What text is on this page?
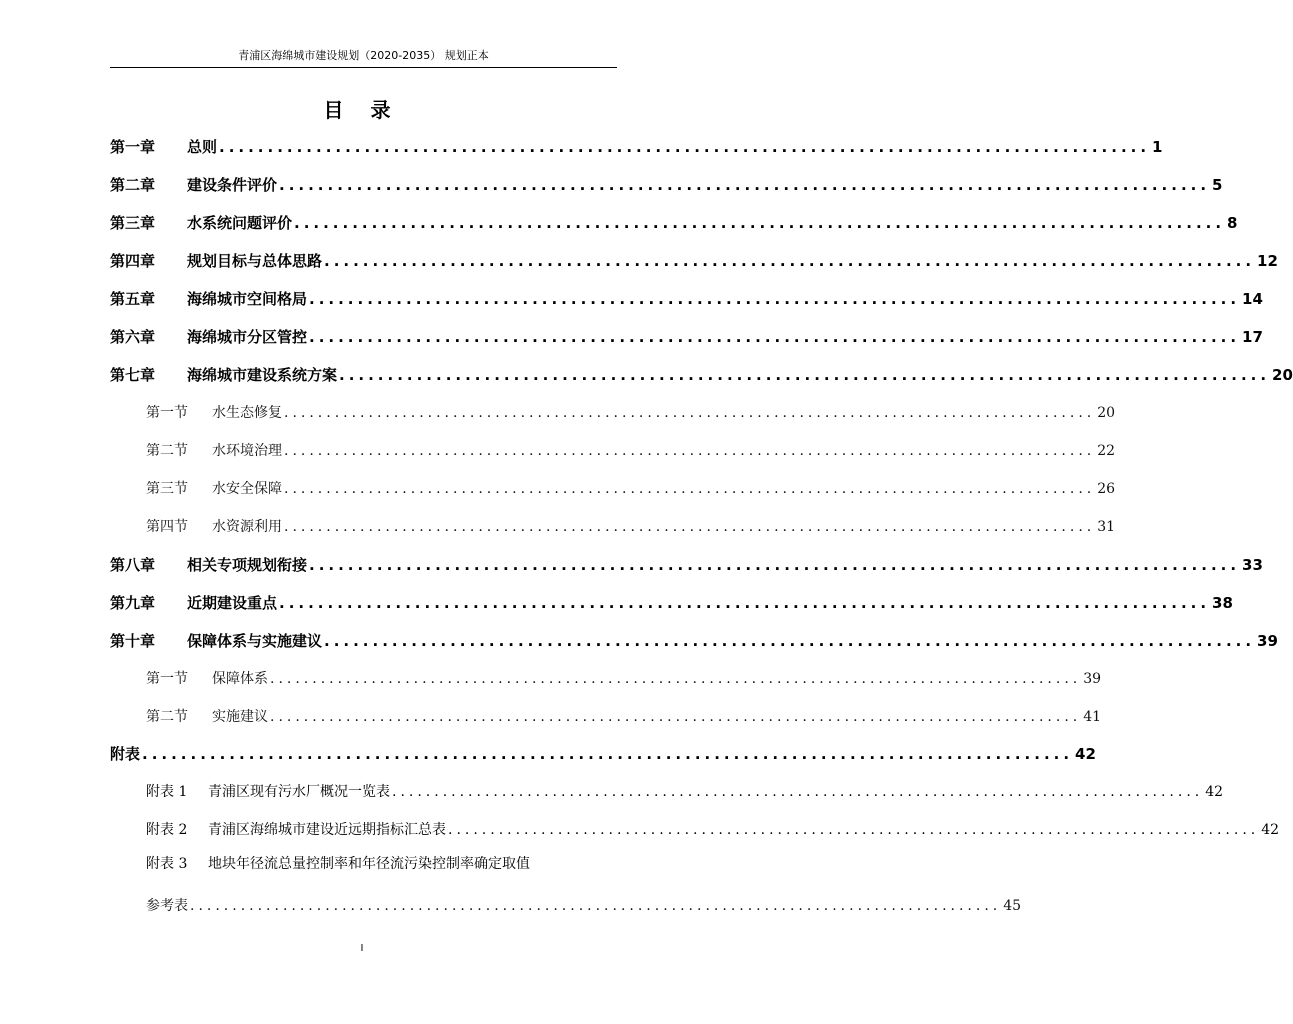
青浦区海绵城市建设规划（2020-2035） 规划正本
目 录
第一章	总则 ................................................................................................ 1
第二章	建设条件评价 ................................................................................................ 5
第三章	水系统问题评价 ................................................................................................ 8
第四章	规划目标与总体思路 ................................................................................................ 12
第五章	海绵城市空间格局 ................................................................................................ 14
第六章	海绵城市分区管控 ................................................................................................ 17
第七章	海绵城市建设系统方案 ................................................................................................ 20
第一节	水生态修复 ................................................................................................ 20
第二节	水环境治理 ................................................................................................ 22
第三节	水安全保障 ................................................................................................ 26
第四节	水资源利用 ................................................................................................ 31
第八章	相关专项规划衔接 ................................................................................................ 33
第九章	近期建设重点 ................................................................................................ 38
第十章	保障体系与实施建议 ................................................................................................ 39
第一节	保障体系 ................................................................................................ 39
第二节	实施建议 ................................................................................................ 41
附表 ................................................................................................ 42
附表 1	青浦区现有污水厂概况一览表 ................................................................................................ 42
附表 2	青浦区海绵城市建设近远期指标汇总表 ................................................................................................ 42
附表 3 地块年径流总量控制率和年径流污染控制率确定取值
参考表 ................................................................................................ 45
I
